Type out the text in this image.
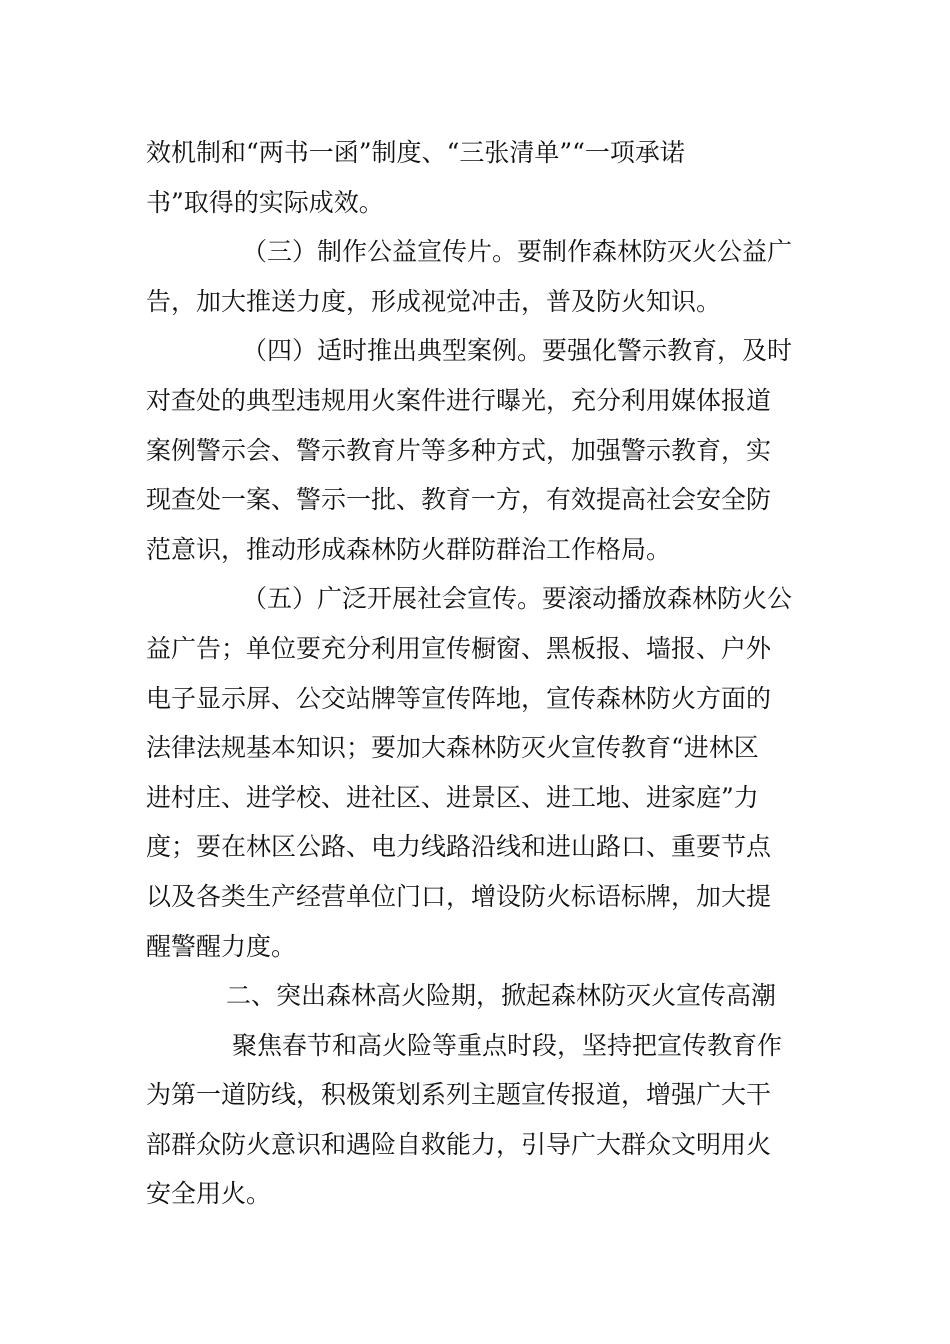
效机制和“两书一函”制度、“三张清单”“一项承诺
书”取得的实际成效。
（三）制作公益宣传片。要制作森林防灭火公益广
告，加大推送力度，形成视觉冲击，普及防火知识。
（四）适时推出典型案例。要强化警示教育，及时
对查处的典型违规用火案件进行曝光，充分利用媒体报道
案例警示会、警示教育片等多种方式，加强警示教育，实
现查处一案、警示一批、教育一方，有效提高社会安全防
范意识，推动形成森林防火群防群治工作格局。
（五）广泛开展社会宣传。要滚动播放森林防火公
益广告；单位要充分利用宣传橱窗、黑板报、墙报、户外
电子显示屏、公交站牌等宣传阵地，宣传森林防火方面的
法律法规基本知识；要加大森林防灭火宣传教育“进林区
进村庄、进学校、进社区、进景区、进工地、进家庭”力
度；要在林区公路、电力线路沿线和进山路口、重要节点
以及各类生产经营单位门口，增设防火标语标牌，加大提
醒警醒力度。
二、突出森林高火险期，掀起森林防灭火宣传高潮
聚焦春节和高火险等重点时段，坚持把宣传教育作
为第一道防线，积极策划系列主题宣传报道，增强广大干
部群众防火意识和遇险自救能力，引导广大群众文明用火
安全用火。
